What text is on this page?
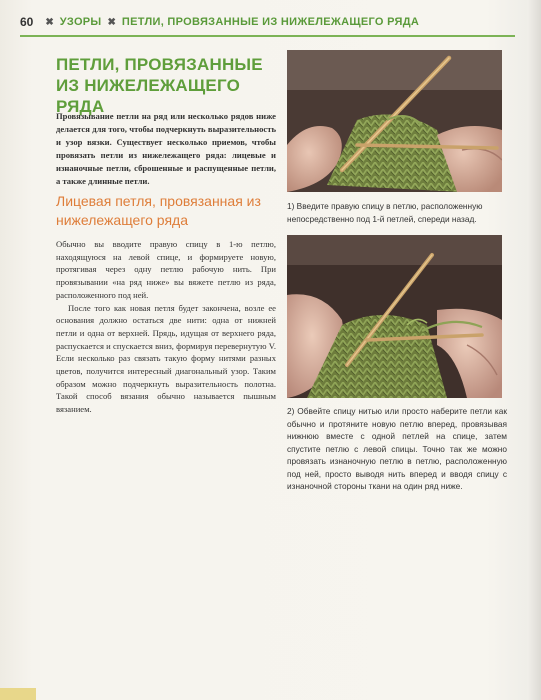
60 ✖ УЗОРЫ ✖ ПЕТЛИ, ПРОВЯЗАННЫЕ ИЗ НИЖЕЛЕЖАЩЕГО РЯДА
ПЕТЛИ, ПРОВЯЗАННЫЕ ИЗ НИЖЕЛЕЖАЩЕГО РЯДА
Провязывание петли на ряд или несколько рядов ниже делается для того, чтобы подчеркнуть выразительность и узор вязки. Существует несколько приемов, чтобы провязать петли из нижележащего ряда: лицевые и изнаночные петли, сброшенные и распущенные петли, а также длинные петли.
Лицевая петля, провязанная из нижележащего ряда

Обычно вы вводите правую спицу в 1-ю петлю, находящуюся на левой спице, и формируете новую, протягивая через одну петлю рабочую нить. При провязывании «на ряд ниже» вы вяжете петлю из ряда, расположенного под ней.

После того как новая петля будет закончена, возле ее основания должно остаться две нити: одна от нижней петли и одна от верхней. Прядь, идущая от верхнего ряда, распускается и спускается вниз, формируя перевернутую V. Если несколько раз связать такую форму нитями разных цветов, получится интересный диагональный узор. Таким образом можно подчеркнуть выразительность полотна. Такой способ вязания обычно называется пышным вязанием.

1) Введите правую спицу в петлю, расположенную непосредственно под 1-й петлей, спереди назад.
2) Обвейте спицу нитью или просто наберите петли как обычно и протяните новую петлю вперед, провязывая нижнюю вместе с одной петлей на спице, затем спустите петлю с левой спицы. Точно так же можно провязать изнаночную петлю в петлю, расположенную под ней, просто выводя нить вперед и вводя спицу с изнаночной стороны ткани на один ряд ниже.
